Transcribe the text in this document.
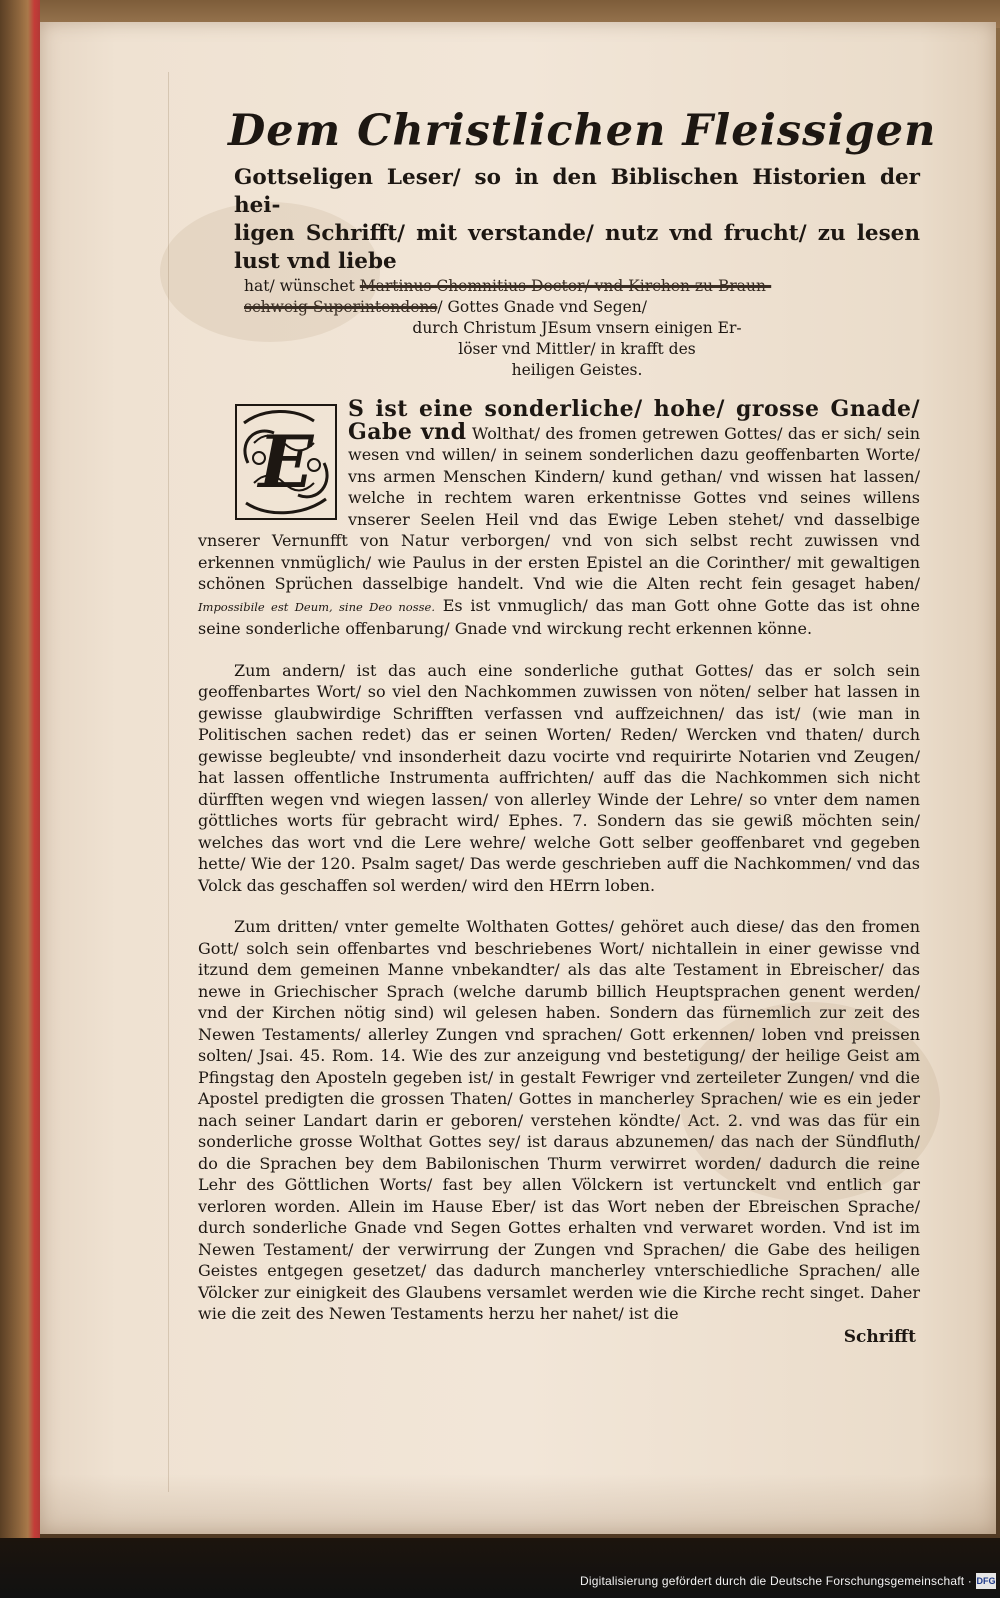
Dem Christlichen Fleissigen
Gottseligen Leser/ so in den Biblischen Historien der hei-
ligen Schrifft/ mit verstande/ nutz vnd frucht/ zu lesen lust vnd liebe
hat/ wünschet Martinus Chemnitius Doctor/ vnd Kirchen zu Braun-
schweig Superintendens/ Gottes Gnade vnd Segen/
durch Christum JEsum vnsern einigen Er-
löser vnd Mittler/ in krafft des
heiligen Geistes.
E
S ist eine sonderliche/ hohe/ grosse Gnade/ Gabe vnd Wolthat/ des fromen getrewen Gottes/ das er sich/ sein wesen vnd willen/ in seinem sonderlichen dazu geoffenbarten Worte/ vns armen Menschen Kindern/ kund gethan/ vnd wissen hat lassen/ welche in rechtem waren erkentnisse Gottes vnd seines willens vnserer Seelen Heil vnd das Ewige Leben stehet/ vnd dasselbige vnserer Vernunfft von Natur verborgen/ vnd von sich selbst recht zuwissen vnd erkennen vnmüglich/ wie Paulus in der ersten Epistel an die Corinther/ mit gewaltigen schönen Sprüchen dasselbige handelt. Vnd wie die Alten recht fein gesaget haben/ Impossibile est Deum, sine Deo nosse. Es ist vnmuglich/ das man Gott ohne Gotte das ist ohne seine sonderliche offenbarung/ Gnade vnd wirckung recht erkennen könne.

Zum andern/ ist das auch eine sonderliche guthat Gottes/ das er solch sein geoffenbartes Wort/ so viel den Nachkommen zuwissen von nöten/ selber hat lassen in gewisse glaubwirdige Schrifften verfassen vnd auffzeichnen/ das ist/ (wie man in Politischen sachen redet) das er seinen Worten/ Reden/ Wercken vnd thaten/ durch gewisse begleubte/ vnd insonderheit dazu vocirte vnd requirirte Notarien vnd Zeugen/ hat lassen offentliche Instrumenta auffrichten/ auff das die Nachkommen sich nicht dürfften wegen vnd wiegen lassen/ von allerley Winde der Lehre/ so vnter dem namen göttliches worts für gebracht wird/ Ephes. 7. Sondern das sie gewiß möchten sein/ welches das wort vnd die Lere wehre/ welche Gott selber geoffenbaret vnd gegeben hette/ Wie der 120. Psalm saget/ Das werde geschrieben auff die Nachkommen/ vnd das Volck das geschaffen sol werden/ wird den HErrn loben.

Zum dritten/ vnter gemelte Wolthaten Gottes/ gehöret auch diese/ das den fromen Gott/ solch sein offenbartes vnd beschriebenes Wort/ nichtallein in einer gewisse vnd itzund dem gemeinen Manne vnbekandter/ als das alte Testament in Ebreischer/ das newe in Griechischer Sprach (welche darumb billich Heuptsprachen genent werden/ vnd der Kirchen nötig sind) wil gelesen haben. Sondern das fürnemlich zur zeit des Newen Testaments/ allerley Zungen vnd sprachen/ Gott erkennen/ loben vnd preissen solten/ Jsai. 45. Rom. 14. Wie des zur anzeigung vnd bestetigung/ der heilige Geist am Pfingstag den Aposteln gegeben ist/ in gestalt Fewriger vnd zerteileter Zungen/ vnd die Apostel predigten die grossen Thaten/ Gottes in mancherley Sprachen/ wie es ein jeder nach seiner Landart darin er geboren/ verstehen köndte/ Act. 2. vnd was das für ein sonderliche grosse Wolthat Gottes sey/ ist daraus abzunemen/ das nach der Sündfluth/ do die Sprachen bey dem Babilonischen Thurm verwirret worden/ dadurch die reine Lehr des Göttlichen Worts/ fast bey allen Völckern ist vertunckelt vnd entlich gar verloren worden. Allein im Hause Eber/ ist das Wort neben der Ebreischen Sprache/ durch sonderliche Gnade vnd Segen Gottes erhalten vnd verwaret worden. Vnd ist im Newen Testament/ der verwirrung der Zungen vnd Sprachen/ die Gabe des heiligen Geistes entgegen gesetzet/ das dadurch mancherley vnterschiedliche Sprachen/ alle Völcker zur einigkeit des Glaubens versamlet werden wie die Kirche recht singet. Daher wie die zeit des Newen Testaments herzu her nahet/ ist die

Schrifft
Digitalisierung gefördert durch die Deutsche Forschungsgemeinschaft · DFG
